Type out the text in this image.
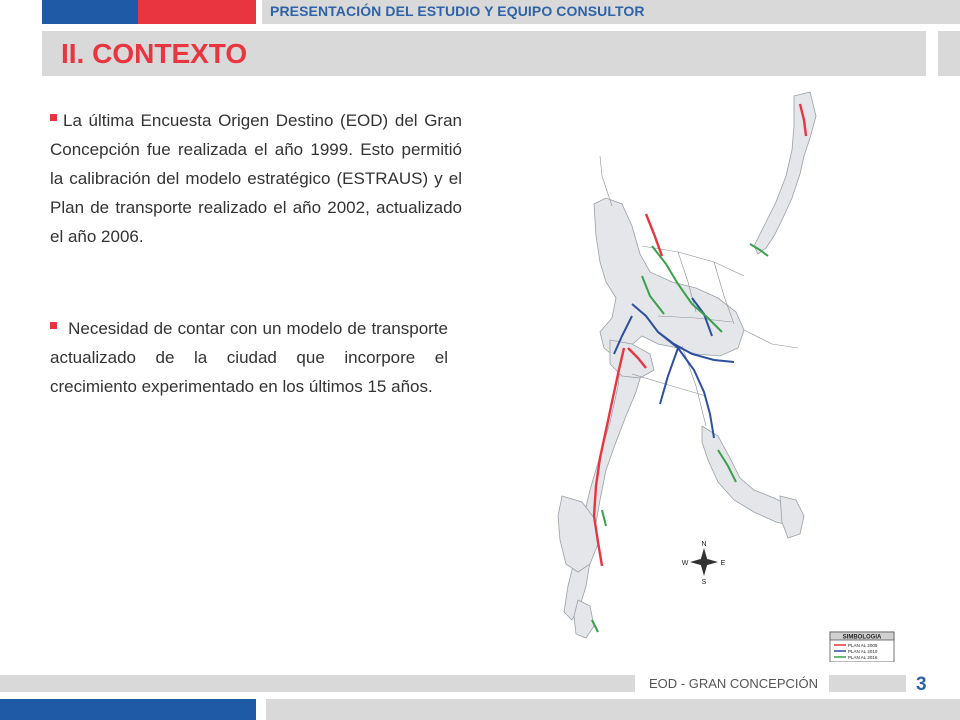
PRESENTACIÓN DEL ESTUDIO Y EQUIPO CONSULTOR
II. CONTEXTO
La última Encuesta Origen Destino (EOD) del Gran Concepción fue realizada el año 1999. Esto permitió la calibración del modelo estratégico (ESTRAUS) y el Plan de transporte realizado el año 2002, actualizado el año 2006.
Necesidad de contar con un modelo de transporte actualizado de la ciudad que incorpore el crecimiento experimentado en los últimos 15 años.
N
S
E
W
SIMBOLOGIA
PLAN AL 2005
PLAN AL 2010
PLAN AL 2016
EOD - GRAN CONCEPCIÓN	3
